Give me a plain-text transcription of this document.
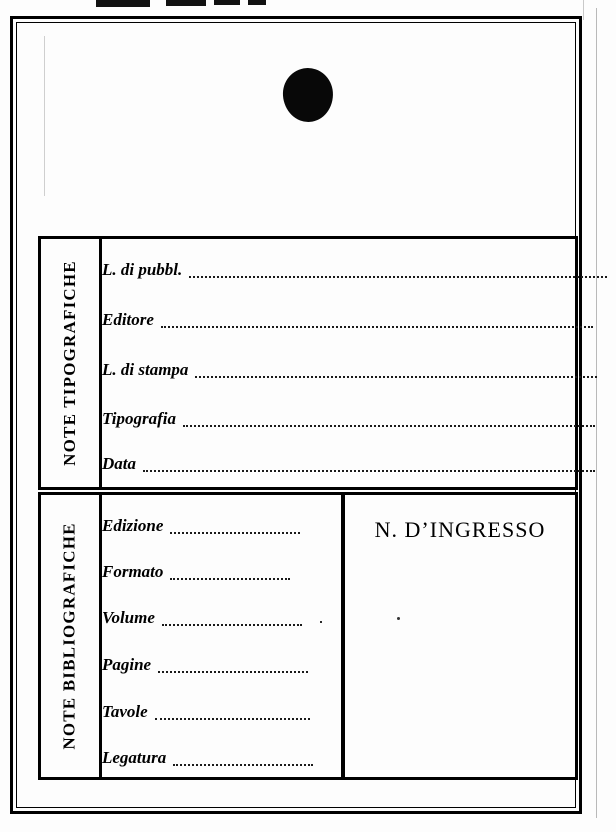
NOTE TIPOGRAFICHE L. di pubbl.
Editore
L. di stampa
Tipografia
Data
NOTE BIBLIOGRAFICHE Edizione
Formato
Volume
Pagine
Tavole
Legatura
N. D’INGRESSO
